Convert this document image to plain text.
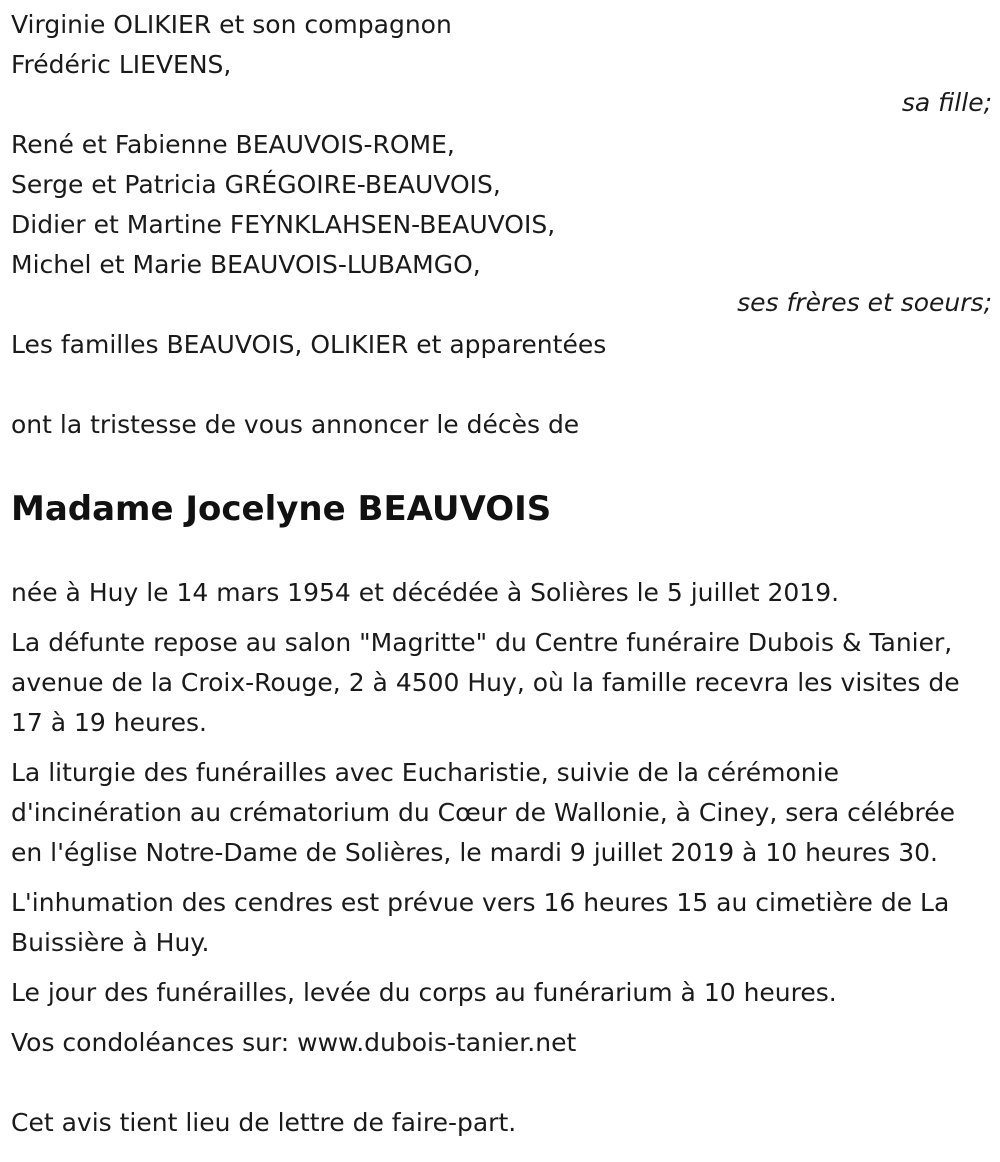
Virginie OLIKIER et son compagnon
Frédéric LIEVENS,
sa fille;
René et Fabienne BEAUVOIS-ROME,
Serge et Patricia GRÉGOIRE-BEAUVOIS,
Didier et Martine FEYNKLAHSEN-BEAUVOIS,
Michel et Marie BEAUVOIS-LUBAMGO,
ses frères et soeurs;
Les familles BEAUVOIS, OLIKIER et apparentées
ont la tristesse de vous annoncer le décès de
Madame Jocelyne BEAUVOIS
née à Huy le 14 mars 1954 et décédée à Solières le 5 juillet 2019.
La défunte repose au salon "Magritte" du Centre funéraire Dubois & Tanier, avenue de la Croix-Rouge, 2 à 4500 Huy, où la famille recevra les visites de 17 à 19 heures.
La liturgie des funérailles avec Eucharistie, suivie de la cérémonie d'incinération au crématorium du Cœur de Wallonie, à Ciney, sera célébrée en l'église Notre-Dame de Solières, le mardi 9 juillet 2019 à 10 heures 30.
L'inhumation des cendres est prévue vers 16 heures 15 au cimetière de La Buissière à Huy.
Le jour des funérailles, levée du corps au funérarium à 10 heures.
Vos condoléances sur: www.dubois-tanier.net
Cet avis tient lieu de lettre de faire-part.
